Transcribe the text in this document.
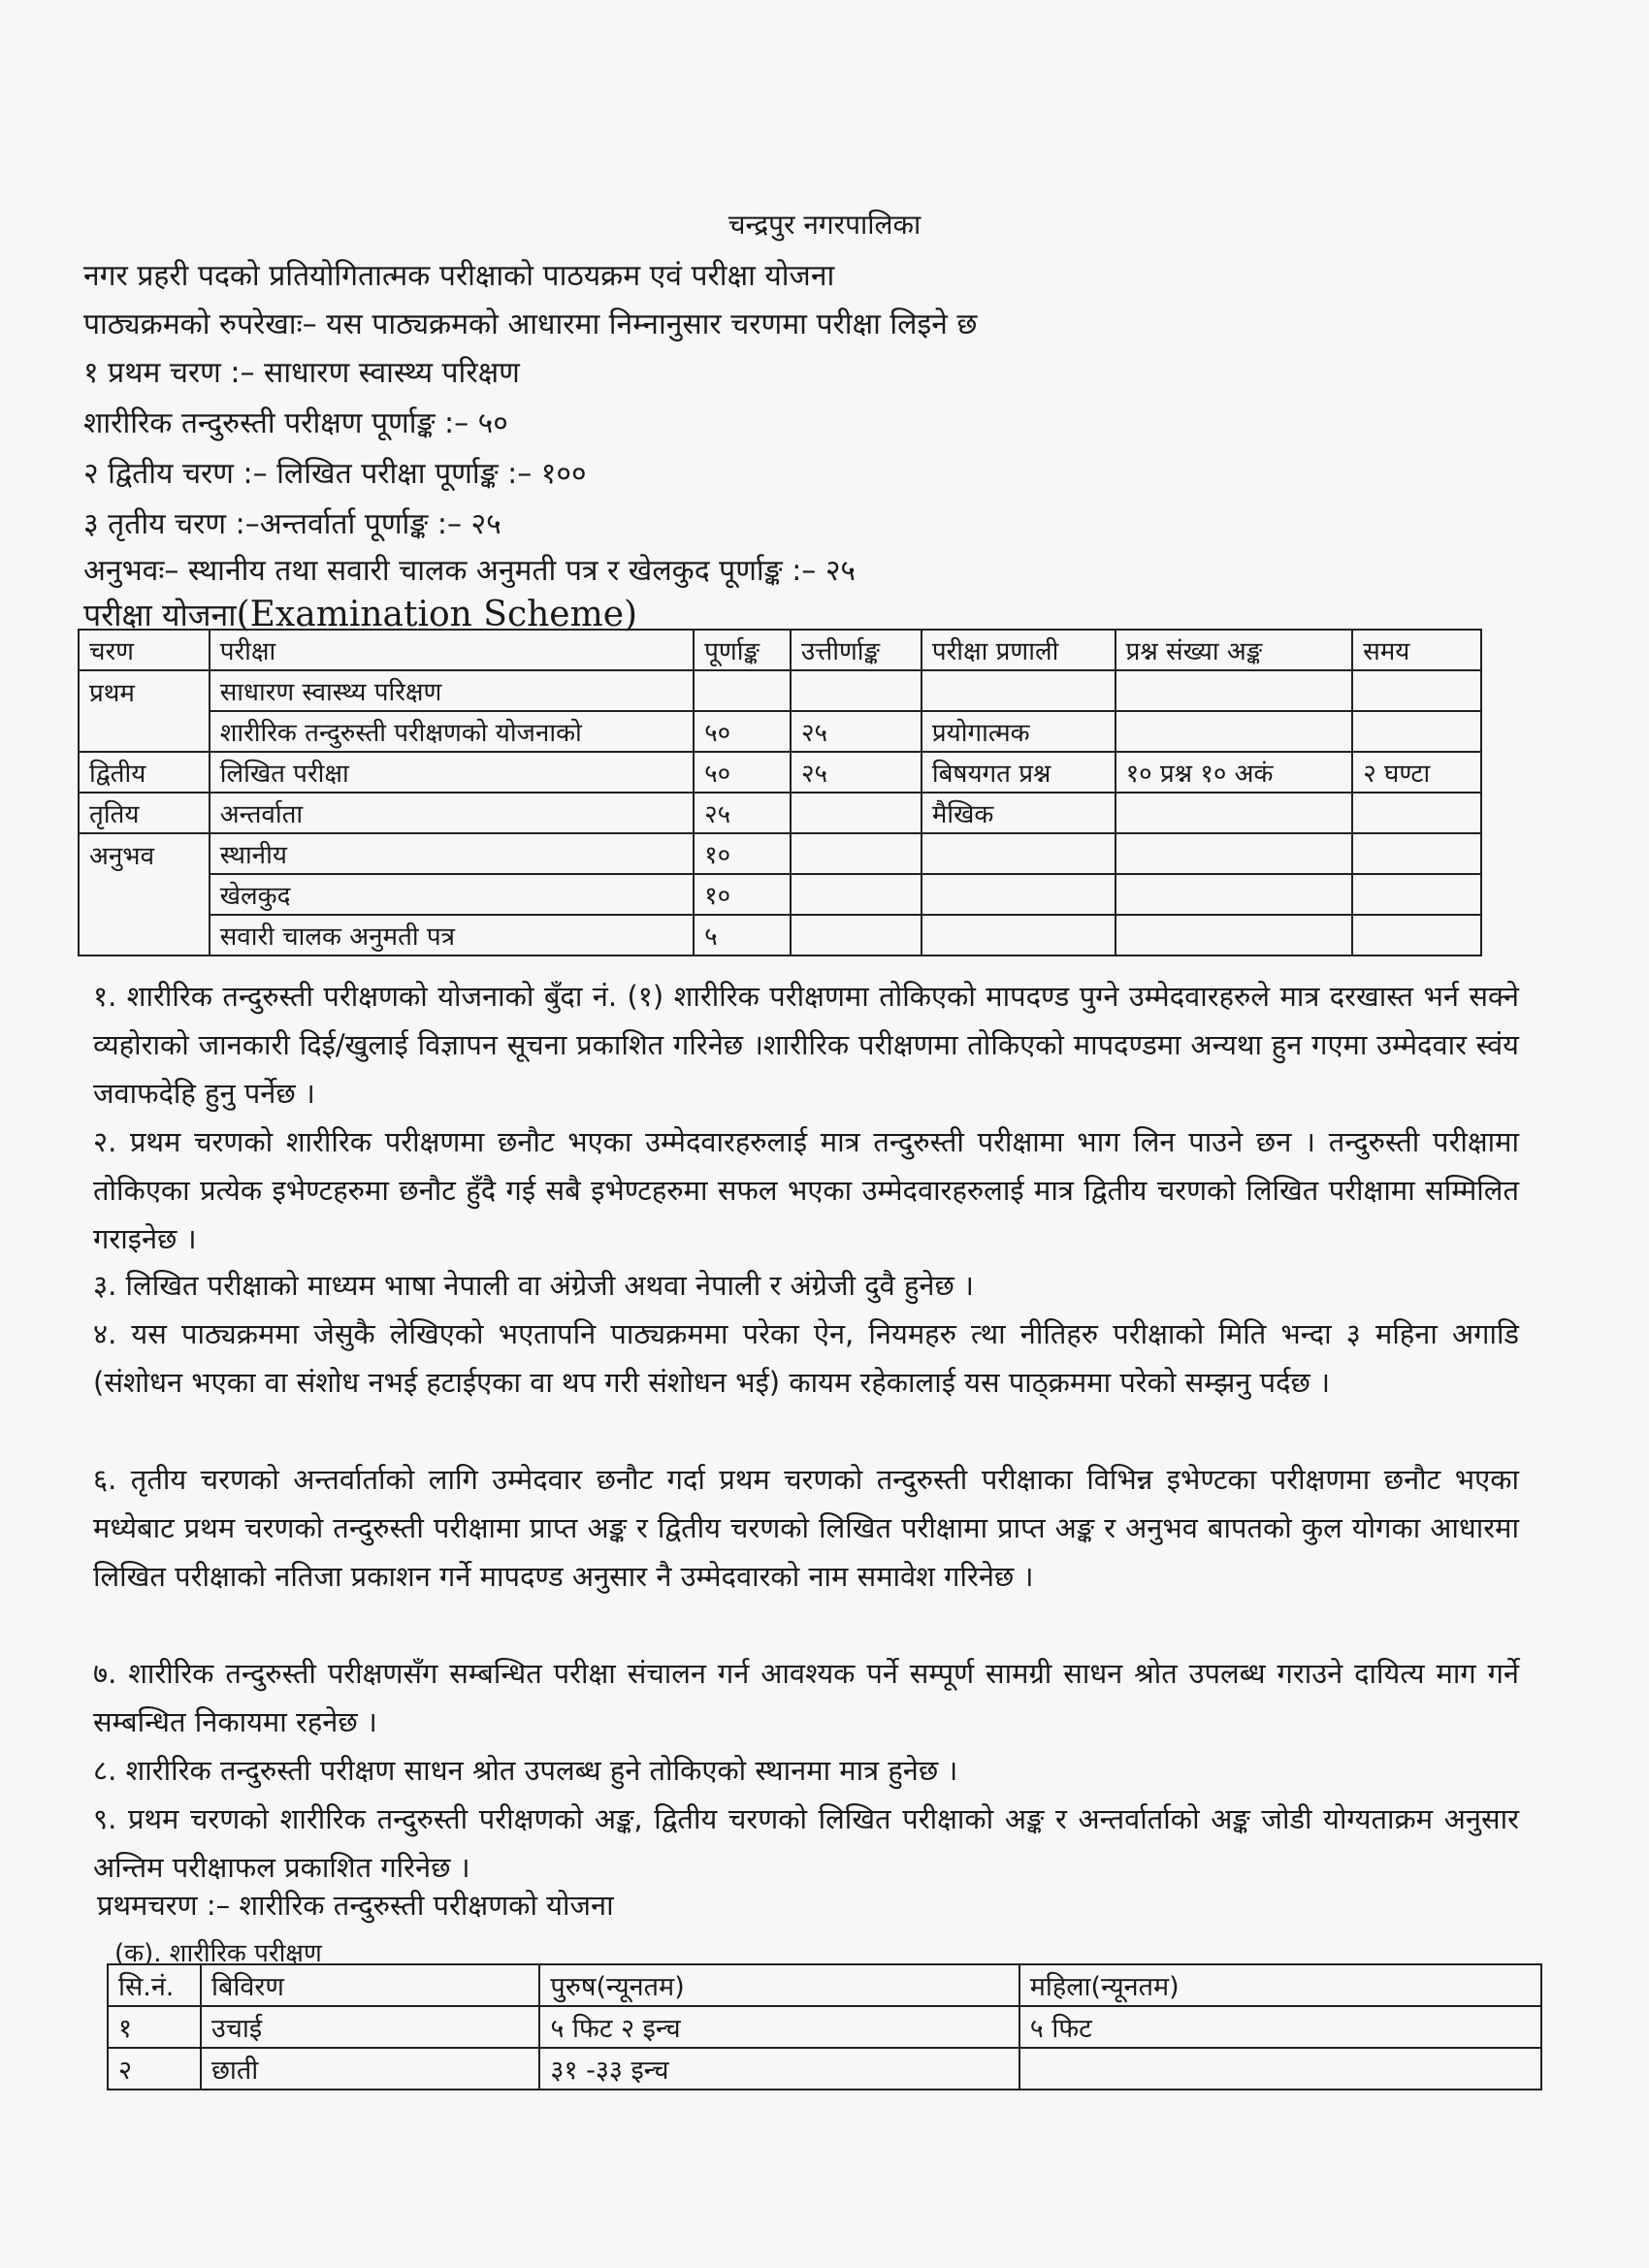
चन्द्रपुर नगरपालिका
नगर प्रहरी पदको प्रतियोगितात्मक परीक्षाको पाठयक्रम एवं परीक्षा योजना
पाठ्यक्रमको रुपरेखाः– यस पाठ्यक्रमको आधारमा निम्नानुसार चरणमा परीक्षा लिइने छ
१ प्रथम चरण :– साधारण स्वास्थ्य परिक्षण
शारीरिक तन्दुरुस्ती परीक्षण पूर्णाङ्क :– ५०
२ द्वितीय चरण :– लिखित परीक्षा पूर्णाङ्क :– १००
३ तृतीय चरण :–अन्तर्वार्ता पूर्णाङ्क :– २५
अनुभवः– स्थानीय तथा सवारी चालक अनुमती पत्र र खेलकुद पूर्णाङ्क :– २५
परीक्षा योजना(Examination Scheme)
चरण	परीक्षा	पूर्णाङ्क	उत्तीर्णाङ्क	परीक्षा प्रणाली	प्रश्न संख्या अङ्क	समय
प्रथम	साधारण स्वास्थ्य परिक्षण					
	शारीरिक तन्दुरुस्ती परीक्षणको योजनाको	५०	२५	प्रयोगात्मक		
द्वितीय	लिखित परीक्षा	५०	२५	बिषयगत प्रश्न	१० प्रश्न १० अकं	२ घण्टा
तृतिय	अन्तर्वाता	२५		मैखिक		
अनुभव	स्थानीय	१०				
	खेलकुद	१०				
	सवारी चालक अनुमती पत्र	५				
१. शारीरिक तन्दुरुस्ती परीक्षणको योजनाको बुँदा नं. (१) शारीरिक परीक्षणमा तोकिएको मापदण्ड पुग्ने उम्मेदवारहरुले मात्र दरखास्त भर्न सक्ने व्यहोराको जानकारी दिई/खुलाई विज्ञापन सूचना प्रकाशित गरिनेछ ।शारीरिक परीक्षणमा तोकिएको मापदण्डमा अन्यथा हुन गएमा उम्मेदवार स्वंय जवाफदेहि हुनु पर्नेछ ।
२. प्रथम चरणको शारीरिक परीक्षणमा छनौट भएका उम्मेदवारहरुलाई मात्र तन्दुरुस्ती परीक्षामा भाग लिन पाउने छन । तन्दुरुस्ती परीक्षामा तोकिएका प्रत्येक इभेण्टहरुमा छनौट हुँदै गई सबै इभेण्टहरुमा सफल भएका उम्मेदवारहरुलाई मात्र द्वितीय चरणको लिखित परीक्षामा सम्मिलित गराइनेछ ।
३. लिखित परीक्षाको माध्यम भाषा नेपाली वा अंग्रेजी अथवा नेपाली र अंग्रेजी दुवै हुनेछ ।
४. यस पाठ्यक्रममा जेसुकै लेखिएको भएतापनि पाठ्यक्रममा परेका ऐन, नियमहरु त्था नीतिहरु परीक्षाको मिति भन्दा ३ महिना अगाडि (संशोधन भएका वा संशोध नभई हटाईएका वा थप गरी संशोधन भई) कायम रहेकालाई यस पाठ्क्रममा परेको सम्झनु पर्दछ ।
६. तृतीय चरणको अन्तर्वार्ताको लागि उम्मेदवार छनौट गर्दा प्रथम चरणको तन्दुरुस्ती परीक्षाका विभिन्न इभेण्टका परीक्षणमा छनौट भएका मध्येबाट प्रथम चरणको तन्दुरुस्ती परीक्षामा प्राप्त अङ्क र द्वितीय चरणको लिखित परीक्षामा प्राप्त अङ्क र अनुभव बापतको कुल योगका आधारमा लिखित परीक्षाको नतिजा प्रकाशन गर्ने मापदण्ड अनुसार नै उम्मेदवारको नाम समावेश गरिनेछ ।
७. शारीरिक तन्दुरुस्ती परीक्षणसँग सम्बन्धित परीक्षा संचालन गर्न आवश्यक पर्ने सम्पूर्ण सामग्री साधन श्रोत उपलब्ध गराउने दायित्य माग गर्ने सम्बन्धित निकायमा रहनेछ ।
८. शारीरिक तन्दुरुस्ती परीक्षण साधन श्रोत उपलब्ध हुने तोकिएको स्थानमा मात्र हुनेछ ।
९. प्रथम चरणको शारीरिक तन्दुरुस्ती परीक्षणको अङ्क, द्वितीय चरणको लिखित परीक्षाको अङ्क र अन्तर्वार्ताको अङ्क जोडी योग्यताक्रम अनुसार अन्तिम परीक्षाफल प्रकाशित गरिनेछ ।
प्रथमचरण :– शारीरिक तन्दुरुस्ती परीक्षणको योजना
(क). शारीरिक परीक्षण
सि.नं.	बिविरण	पुरुष(न्यूनतम)	महिला(न्यूनतम)
१	उचाई	५ फिट २ इन्च	५ फिट
२	छाती	३१ -३३ इन्च	
